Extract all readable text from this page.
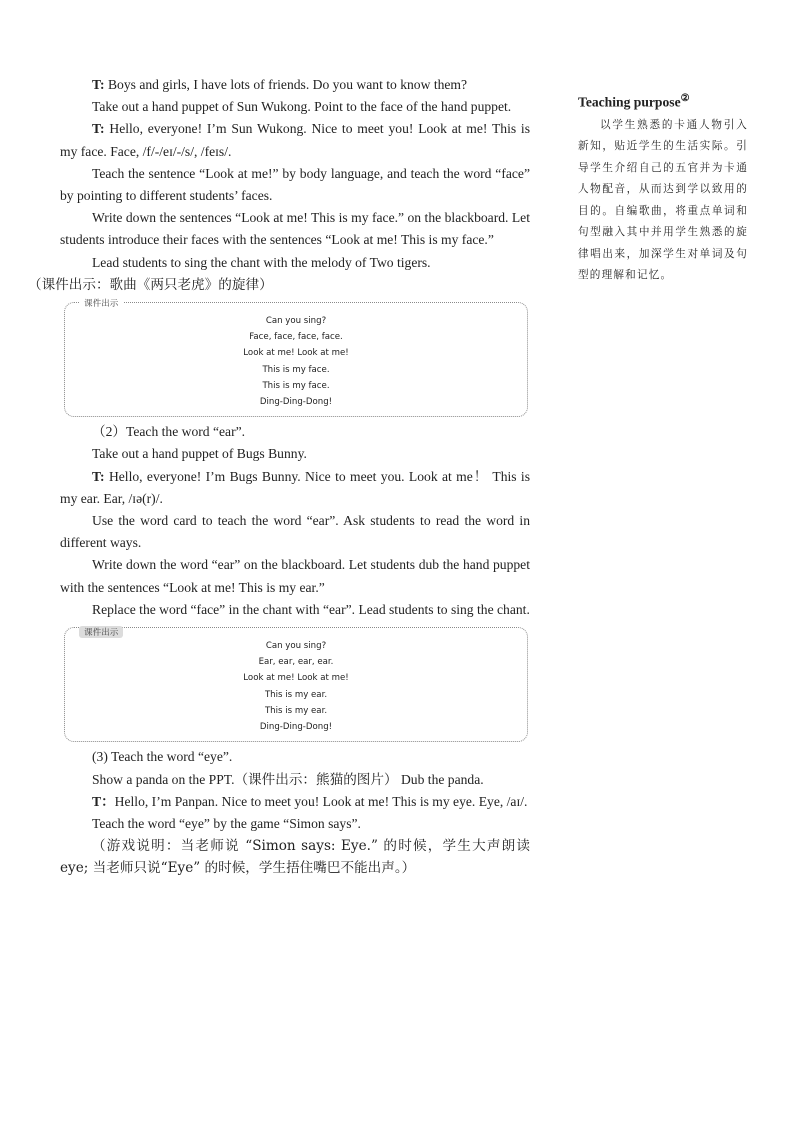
T: Boys and girls, I have lots of friends. Do you want to know them?
Take out a hand puppet of Sun Wukong. Point to the face of the hand puppet.
T: Hello, everyone! I’m Sun Wukong. Nice to meet you! Look at me! This is my face. Face, /f/-/eɪ/-/s/, /feɪs/.
Teach the sentence “Look at me!” by body language, and teach the word “face” by pointing to different students’ faces.
Write down the sentences “Look at me! This is my face.” on the blackboard. Let students introduce their faces with the sentences “Look at me! This is my face.”
Lead students to sing the chant with the melody of Two tigers.
（课件出示：歌曲《两只老虎》的旋律）
课件出示
Can you sing?
Face, face, face, face.
Look at me! Look at me!
This is my face.
This is my face.
Ding-Ding-Dong!
（2）Teach the word “ear”.
Take out a hand puppet of Bugs Bunny.
T: Hello, everyone! I’m Bugs Bunny. Nice to meet you. Look at me！ This is my ear. Ear, /ɪə(r)/.
Use the word card to teach the word “ear”. Ask students to read the word in different ways.
Write down the word “ear” on the blackboard. Let students dub the hand puppet with the sentences “Look at me! This is my ear.”
Replace the word “face” in the chant with “ear”. Lead students to sing the chant.
课件出示
Can you sing?
Ear, ear, ear, ear.
Look at me! Look at me!
This is my ear.
This is my ear.
Ding-Ding-Dong!
(3) Teach the word “eye”.
Show a panda on the PPT.（课件出示：熊猫的图片） Dub the panda.
T：Hello, I’m Panpan. Nice to meet you! Look at me! This is my eye. Eye, /aɪ/.
Teach the word “eye” by the game “Simon says”.
（游戏说明：当老师说 “Simon says: Eye.” 的时候，学生大声朗读 eye; 当老师只说“Eye” 的时候，学生捂住嘴巴不能出声。）
Teaching purpose②
以学生熟悉的卡通人物引入新知，贴近学生的生活实际。引导学生介绍自己的五官并为卡通人物配音，从而达到学以致用的目的。自编歌曲，将重点单词和句型融入其中并用学生熟悉的旋律唱出来，加深学生对单词及句型的理解和记忆。
